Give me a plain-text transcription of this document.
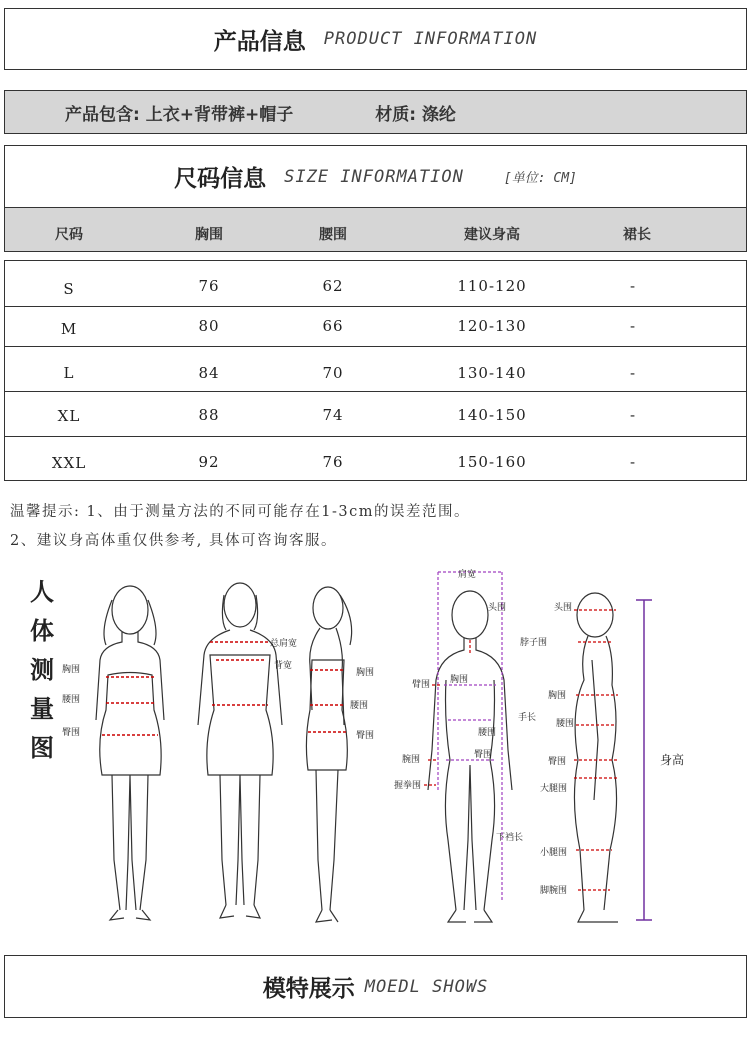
产品信息 PRODUCT INFORMATION
产品包含: 上衣+背带裤+帽子	材质: 涤纶
尺码信息 SIZE INFORMATION	[单位: CM]
尺码	胸围	腰围	建议身高	裙长
S	76	62	110-120	-
M	80	66	120-130	-
L	84	70	130-140	-
XL	88	74	140-150	-
XXL	92	76	150-160	-
温馨提示: 1、由于测量方法的不同可能存在1-3cm的误差范围。
2、建议身高体重仅供参考, 具体可咨询客服。
人
体
测
量
图
胸围
腰围
臀围
总肩宽
背宽
胸围
腰围
臀围
肩宽
头围
脖子围
臂围 胸围
手长
腰围
臀围
腕围
握拳围
下裆长
头围
胸围
腰围
臀围
大腿围
小腿围
脚腕围
身高
模特展示 MOEDL SHOWS
